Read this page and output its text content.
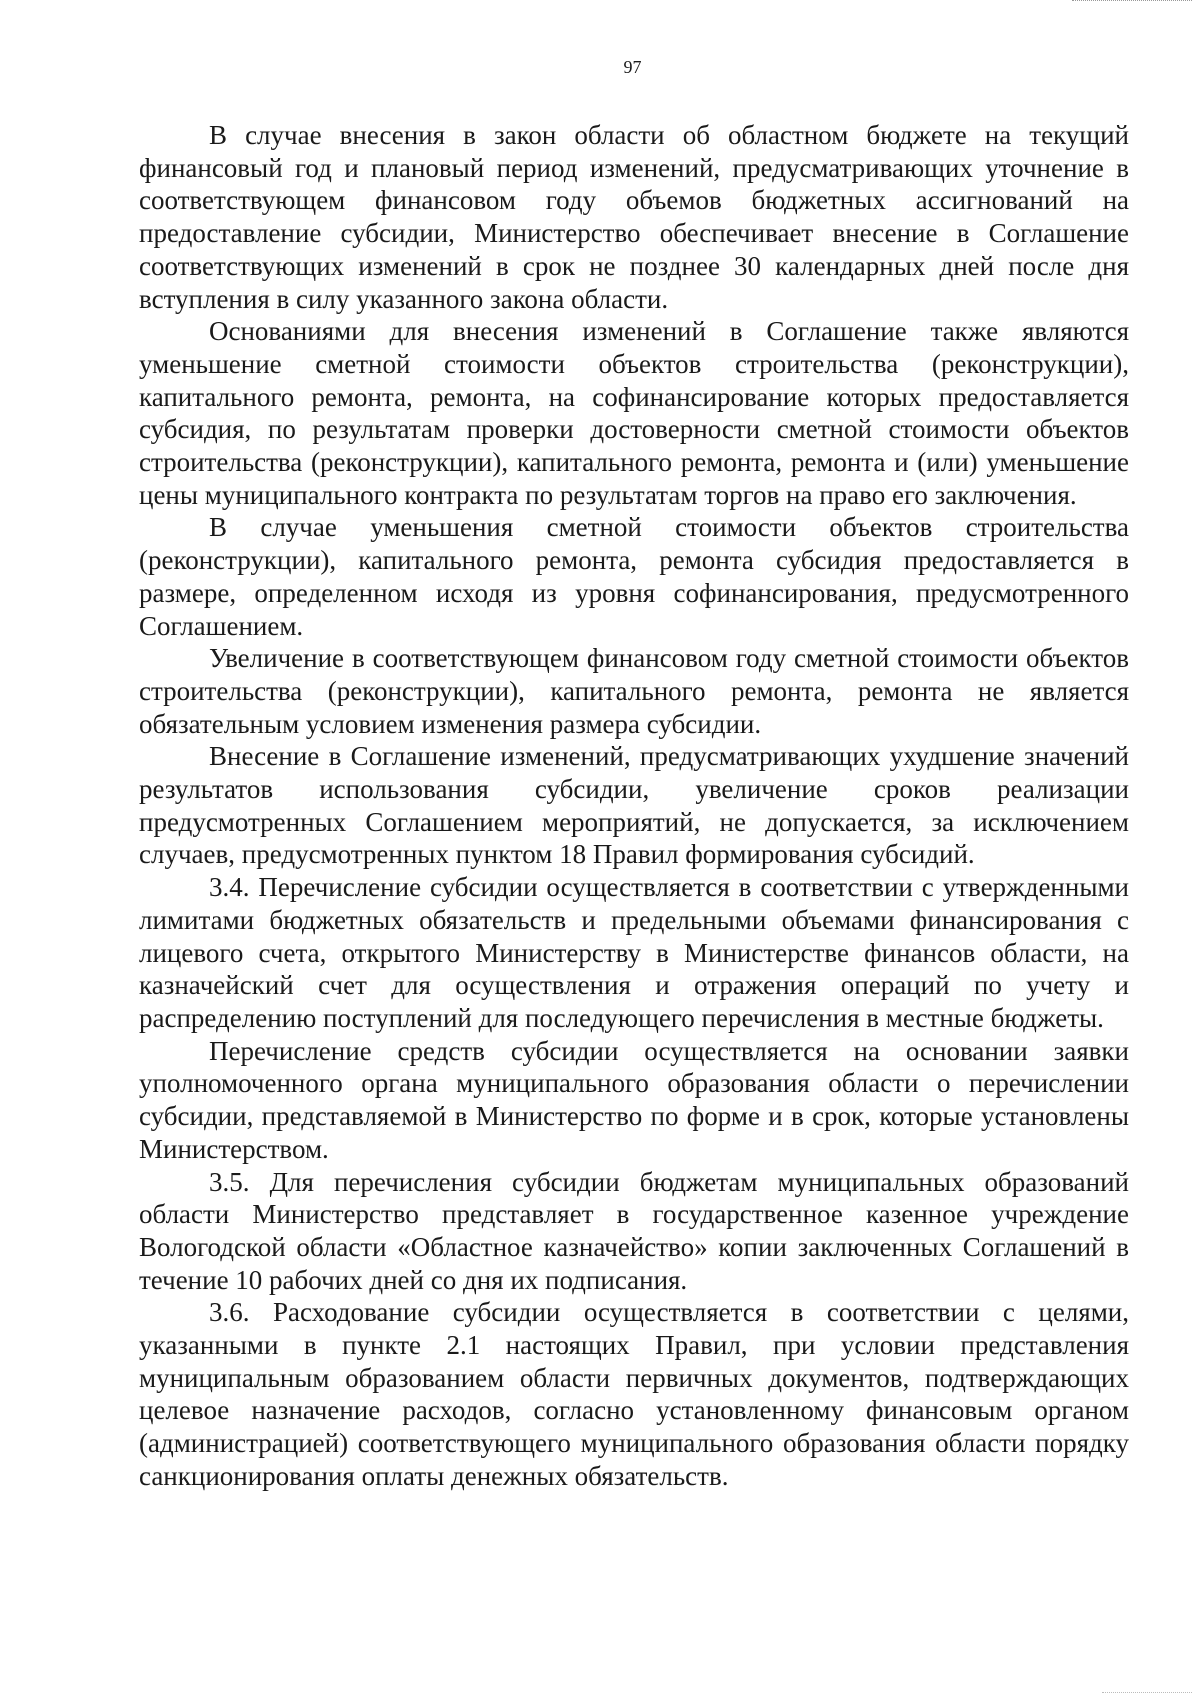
97

В случае внесения в закон области об областном бюджете на текущий финансовый год и плановый период изменений, предусматривающих уточнение в соответствующем финансовом году объемов бюджетных ассигнований на предоставление субсидии, Министерство обеспечивает внесение в Соглашение соответствующих изменений в срок не позднее 30 календарных дней после дня вступления в силу указанного закона области.

Основаниями для внесения изменений в Соглашение также являются уменьшение сметной стоимости объектов строительства (реконструкции), капитального ремонта, ремонта, на софинансирование которых предоставляется субсидия, по результатам проверки достоверности сметной стоимости объектов строительства (реконструкции), капитального ремонта, ремонта и (или) уменьшение цены муниципального контракта по результатам торгов на право его заключения.

В случае уменьшения сметной стоимости объектов строительства (реконструкции), капитального ремонта, ремонта субсидия предоставляется в размере, определенном исходя из уровня софинансирования, предусмотренного Соглашением.

Увеличение в соответствующем финансовом году сметной стоимости объектов строительства (реконструкции), капитального ремонта, ремонта не является обязательным условием изменения размера субсидии.

Внесение в Соглашение изменений, предусматривающих ухудшение значений результатов использования субсидии, увеличение сроков реализации предусмотренных Соглашением мероприятий, не допускается, за исключением случаев, предусмотренных пунктом 18 Правил формирования субсидий.

3.4. Перечисление субсидии осуществляется в соответствии с утвержденными лимитами бюджетных обязательств и предельными объемами финансирования с лицевого счета, открытого Министерству в Министерстве финансов области, на казначейский счет для осуществления и отражения операций по учету и распределению поступлений для последующего перечисления в местные бюджеты.

Перечисление средств субсидии осуществляется на основании заявки уполномоченного органа муниципального образования области о перечислении субсидии, представляемой в Министерство по форме и в срок, которые установлены Министерством.

3.5. Для перечисления субсидии бюджетам муниципальных образований области Министерство представляет в государственное казенное учреждение Вологодской области «Областное казначейство» копии заключенных Соглашений в течение 10 рабочих дней со дня их подписания.

3.6. Расходование субсидии осуществляется в соответствии с целями, указанными в пункте 2.1 настоящих Правил, при условии представления муниципальным образованием области первичных документов, подтверждающих целевое назначение расходов, согласно установленному финансовым органом (администрацией) соответствующего муниципального образования области порядку санкционирования оплаты денежных обязательств.
